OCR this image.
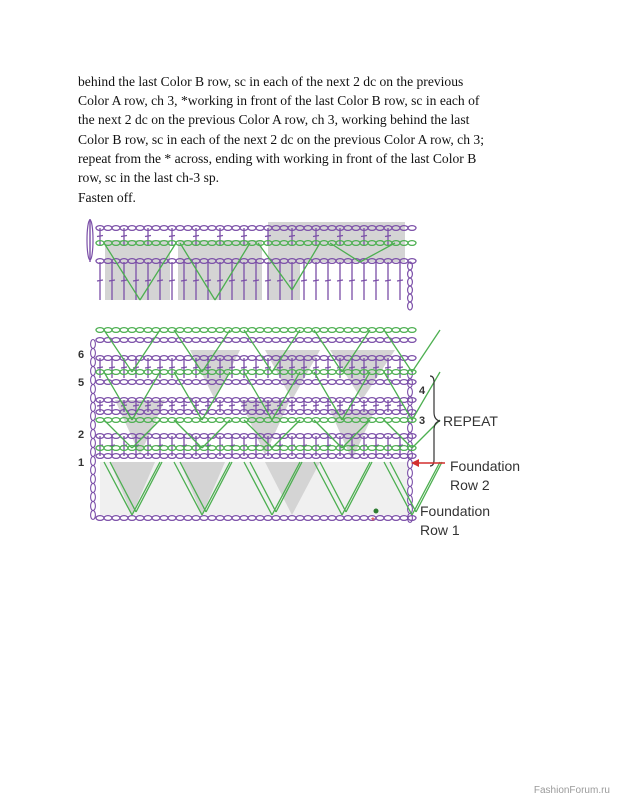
behind the last Color B row, sc in each of the next 2 dc on the previous
Color A row, ch 3, *working in front of the last Color B row, sc in each of
the next 2 dc on the previous Color A row, ch 3, working behind the last
Color B row, sc in each of the next 2 dc on the previous Color A row, ch 3;
repeat from the * across, ending with working in front of the last Color B
row, sc in the last ch-3 sp.
Fasten off.
6
5
2
1
4
3 REPEAT
Foundation
Row 2
Foundation
Row 1
*
FashionForum.ru
